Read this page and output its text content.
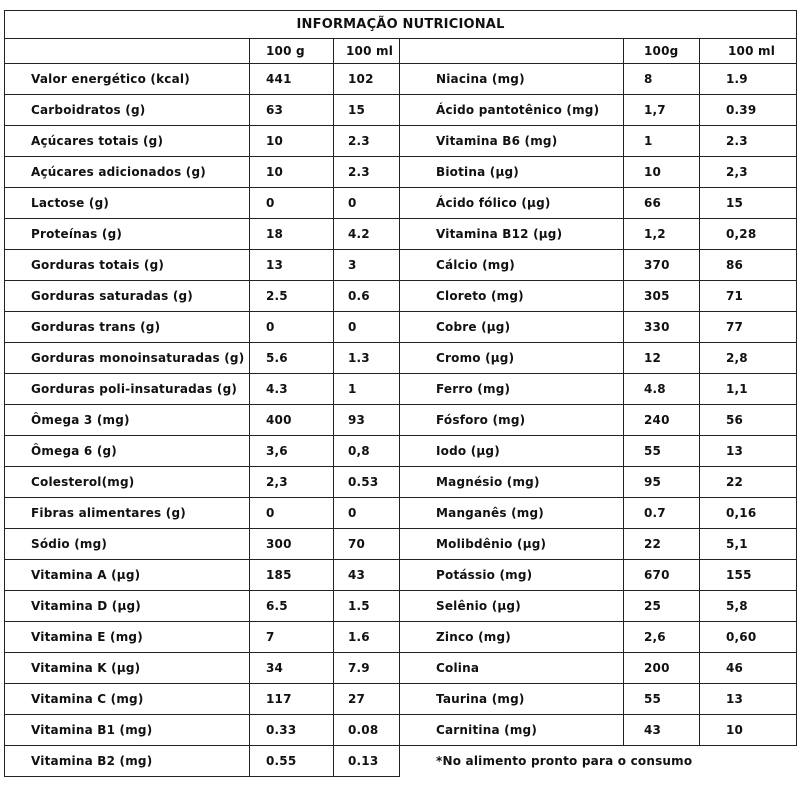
INFORMAÇÃO NUTRICIONAL					
	100 g	100 ml		100g	100 ml
Valor energético (kcal)	441	102	Niacina (mg)	8	1.9
Carboidratos (g)	63	15	Ácido pantotênico (mg)	1,7	0.39
Açúcares totais (g)	10	2.3	Vitamina B6 (mg)	1	2.3
Açúcares adicionados (g)	10	2.3	Biotina (µg)	10	2,3
Lactose (g)	0	0	Ácido fólico (µg)	66	15
Proteínas (g)	18	4.2	Vitamina B12 (µg)	1,2	0,28
Gorduras totais (g)	13	3	Cálcio (mg)	370	86
Gorduras saturadas (g)	2.5	0.6	Cloreto (mg)	305	71
Gorduras trans (g)	0	0	Cobre (µg)	330	77
Gorduras monoinsaturadas (g)	5.6	1.3	Cromo (µg)	12	2,8
Gorduras poli-insaturadas (g)	4.3	1	Ferro (mg)	4.8	1,1
Ômega 3 (mg)	400	93	Fósforo (mg)	240	56
Ômega 6 (g)	3,6	0,8	Iodo (µg)	55	13
Colesterol(mg)	2,3	0.53	Magnésio (mg)	95	22
Fibras alimentares (g)	0	0	Manganês (mg)	0.7	0,16
Sódio (mg)	300	70	Molibdênio (µg)	22	5,1
Vitamina A (µg)	185	43	Potássio (mg)	670	155
Vitamina D (µg)	6.5	1.5	Selênio (µg)	25	5,8
Vitamina E (mg)	7	1.6	Zinco (mg)	2,6	0,60
Vitamina K (µg)	34	7.9	Colina	200	46
Vitamina C (mg)	117	27	Taurina (mg)	55	13
Vitamina B1 (mg)	0.33	0.08	Carnitina (mg)	43	10
Vitamina B2 (mg)	0.55	0.13	*No alimento pronto para o consumo		
